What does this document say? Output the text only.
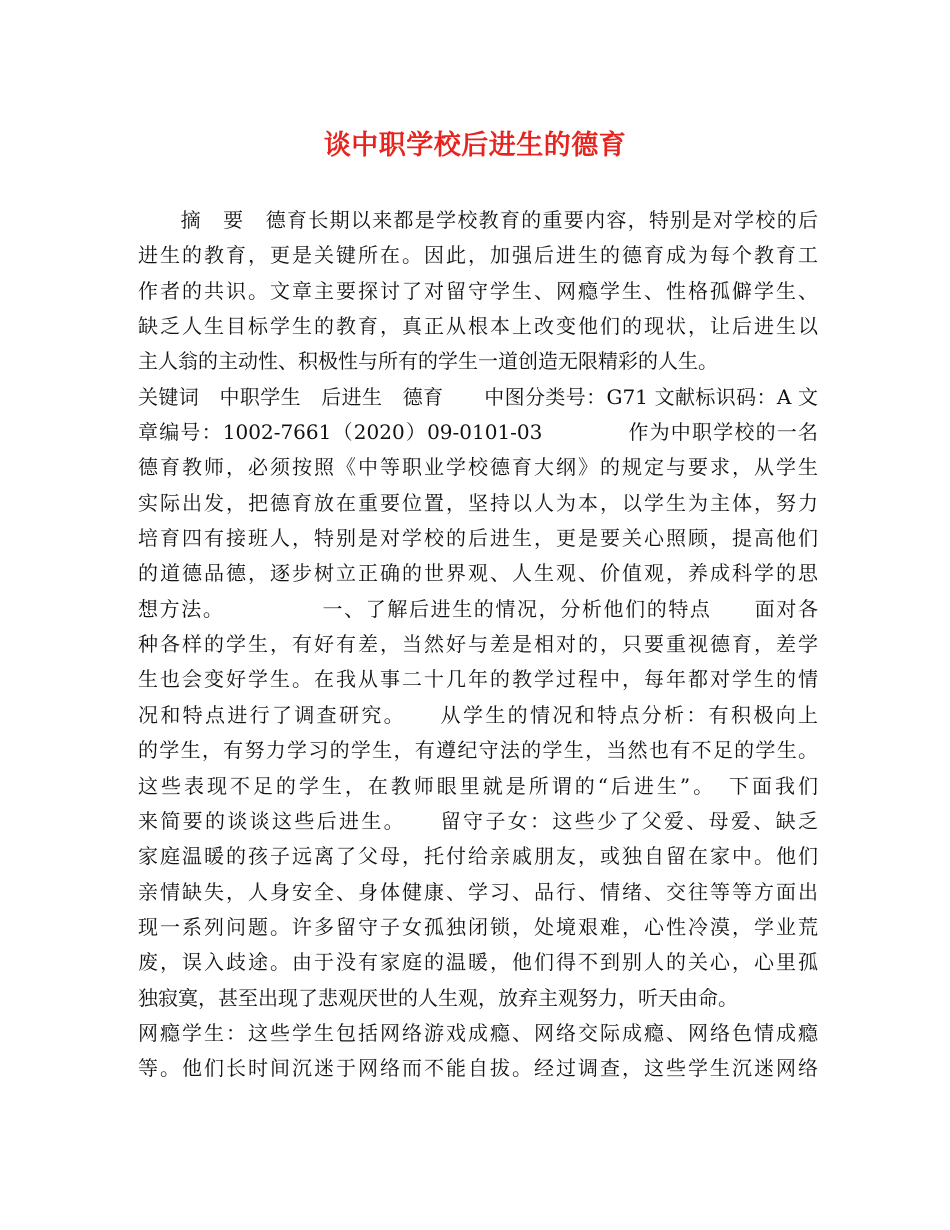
谈中职学校后进生的德育
　　摘　要　德育长期以来都是学校教育的重要内容，特别是对学校的后
进生的教育，更是关键所在。因此，加强后进生的德育成为每个教育工
作者的共识。文章主要探讨了对留守学生、网瘾学生、性格孤僻学生、
缺乏人生目标学生的教育，真正从根本上改变他们的现状，让后进生以
主人翁的主动性、积极性与所有的学生一道创造无限精彩的人生。
关键词　中职学生　后进生　德育　　中图分类号：G71 文献标识码：A 文
章编号：1002-7661（2020）09-0101-03　　　　作为中职学校的一名
德育教师，必须按照《中等职业学校德育大纲》的规定与要求，从学生
实际出发，把德育放在重要位置，坚持以人为本，以学生为主体，努力
培育四有接班人，特别是对学校的后进生，更是要关心照顾，提高他们
的道德品德，逐步树立正确的世界观、人生观、价值观，养成科学的思
想方法。　　　　　一、了解后进生的情况，分析他们的特点　　面对各
种各样的学生，有好有差，当然好与差是相对的，只要重视德育，差学
生也会变好学生。在我从事二十几年的教学过程中，每年都对学生的情
况和特点进行了调查研究。　　从学生的情况和特点分析：有积极向上
的学生，有努力学习的学生，有遵纪守法的学生，当然也有不足的学生。
这些表现不足的学生，在教师眼里就是所谓的“后进生”。　下面我们
来简要的谈谈这些后进生。　　留守子女：这些少了父爱、母爱、缺乏
家庭温暖的孩子远离了父母，托付给亲戚朋友，或独自留在家中。他们
亲情缺失，人身安全、身体健康、学习、品行、情绪、交往等等方面出
现一系列问题。许多留守子女孤独闭锁，处境艰难，心性冷漠，学业荒
废，误入歧途。由于没有家庭的温暖，他们得不到别人的关心，心里孤
独寂寞，甚至出现了悲观厌世的人生观，放弃主观努力，听天由命。
网瘾学生：这些学生包括网络游戏成瘾、网络交际成瘾、网络色情成瘾
等。他们长时间沉迷于网络而不能自拔。经过调查，这些学生沉迷网络
